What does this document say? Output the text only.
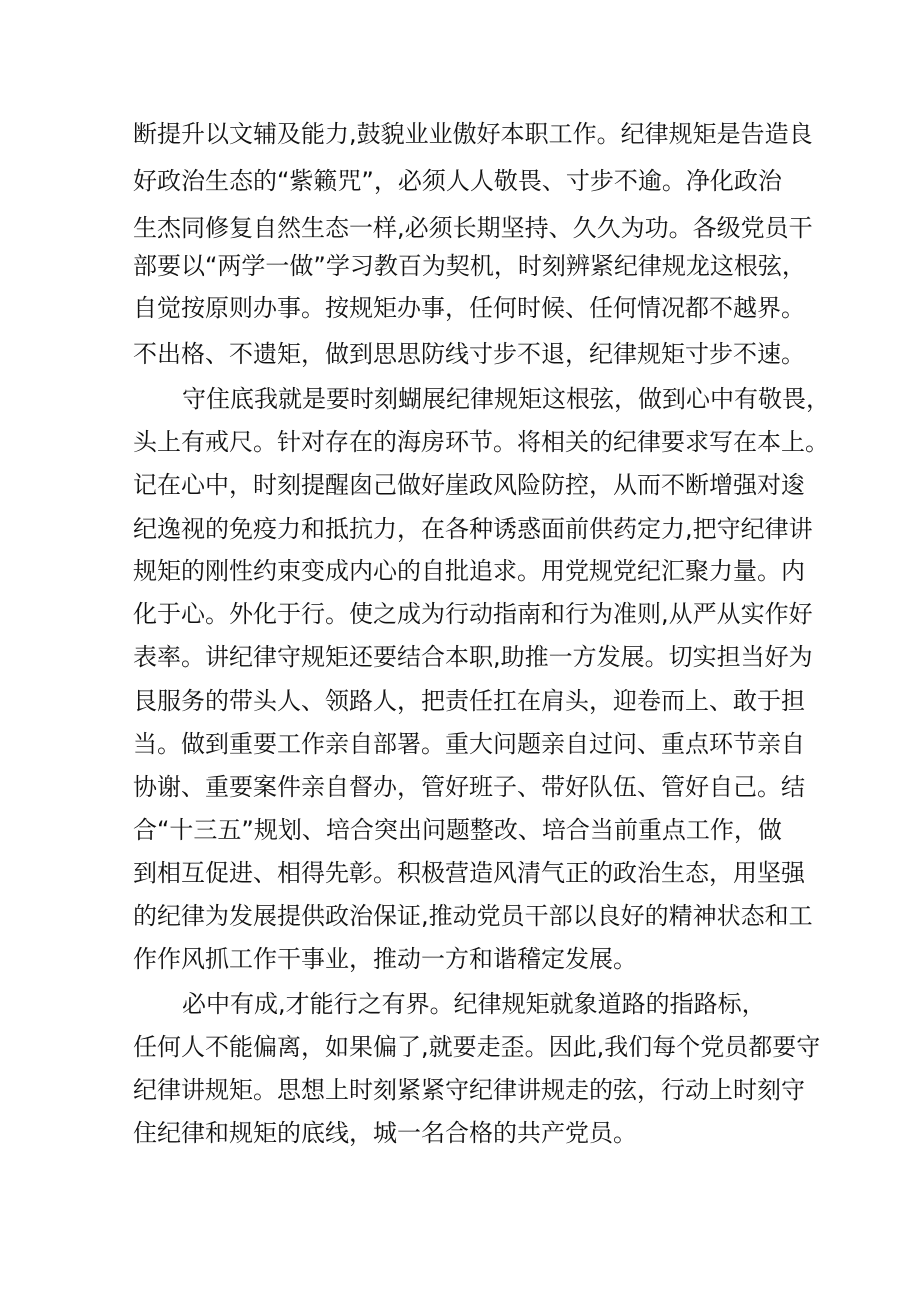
断提升以文辅及能力,鼓貌业业傲好本职工作。纪律规矩是告造良
好政治生态的“紫籁咒”，必须人人敬畏、寸步不逾。净化政治
生杰同修复自然生态一样,必须长期坚持、久久为功。各级党员干
部要以“两学一做”学习教百为契机，时刻辨紧纪律规龙这根弦，
自觉按原则办事。按规矩办事，任何时候、任何情况都不越界。
不出格、不遗矩，做到思思防线寸步不退，纪律规矩寸步不速。
守住底我就是要时刻蝴展纪律规矩这根弦，做到心中有敬畏，
头上有戒尺。针对存在的海房环节。将相关的纪律要求写在本上。
记在心中，时刻提醒囱己做好崖政风险防控，从而不断增强对逡
纪逸视的免疫力和抵抗力，在各种诱惑面前供药定力,把守纪律讲
规矩的刚性约束变成内心的自批追求。用党规党纪汇聚力量。内
化于心。外化于行。使之成为行动指南和行为准则,从严从实作好
表率。讲纪律守规矩还要结合本职,助推一方发展。切实担当好为
艮服务的带头人、领路人，把责任扛在肩头，迎卷而上、敢于担
当。做到重要工作亲自部署。重大问题亲自过问、重点环节亲自
协谢、重要案件亲自督办，管好班子、带好队伍、管好自己。结
合“十三五”规划、培合突出问题整改、培合当前重点工作，做
到相互促进、相得先彰。积极营造风清气正的政治生态，用坚强
的纪律为发展提供政治保证,推动党员干部以良好的精神状态和工
作作风抓工作干事业，推动一方和谐稽定发展。
必中有成,才能行之有界。纪律规矩就象道路的指路标，
任何人不能偏离，如果偏了,就要走歪。因此,我们每个党员都要守
纪律讲规矩。思想上时刻紧紧守纪律讲规走的弦，行动上时刻守
住纪律和规矩的底线，城一名合格的共产党员。
